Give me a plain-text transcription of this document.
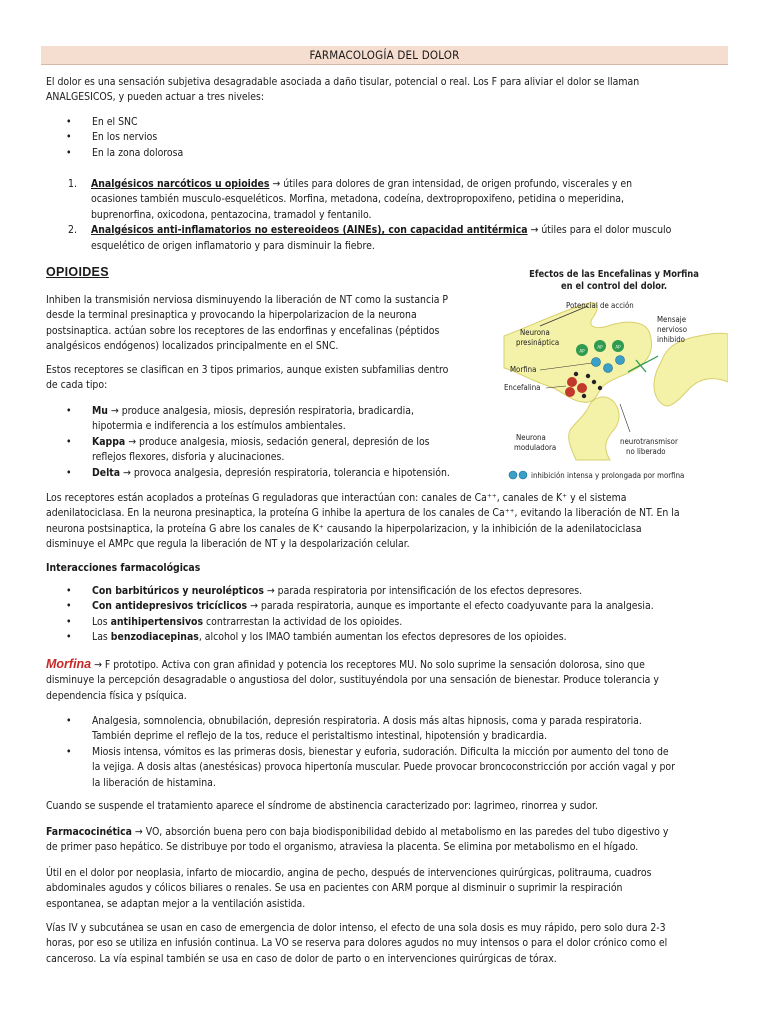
FARMACOLOGÍA DEL DOLOR

El dolor es una sensación subjetiva desagradable asociada a daño tisular, potencial o real. Los F para aliviar el dolor se llaman

ANALGESICOS, y pueden actuar a tres niveles:

• En el SNC
• En los nervios
• En la zona dolorosa
1. Analgésicos narcóticos u opioides → útiles para dolores de gran intensidad, de origen profundo, viscerales y en
ocasiones también musculo-esqueléticos. Morfina, metadona, codeína, dextropropoxifeno, petidina o meperidina,
buprenorfina, oxicodona, pentazocina, tramadol y fentanilo.
2. Analgésicos anti-inflamatorios no estereoideos (AINEs), con capacidad antitérmica → útiles para el dolor musculo
esquelético de origen inflamatorio y para disminuir la fiebre.
OPIOIDES

Inhiben la transmisión nerviosa disminuyendo la liberación de NT como la sustancia P

desde la terminal presinaptica y provocando la hiperpolarizacion de la neurona

postsinaptica. actúan sobre los receptores de las endorfinas y encefalinas (péptidos

analgésicos endógenos) localizados principalmente en el SNC.

Estos receptores se clasifican en 3 tipos primarios, aunque existen subfamilias dentro

de cada tipo:

• Mu → produce analgesia, miosis, depresión respiratoria, bradicardia,
hipotermia e indiferencia a los estímulos ambientales.
• Kappa → produce analgesia, miosis, sedación general, depresión de los
reflejos flexores, disforia y alucinaciones.
• Delta → provoca analgesia, depresión respiratoria, tolerancia e hipotensión.
Efectos de las Encefalinas y Morfina
en el control del dolor.
Potencial de acción
Neurona
presináptica
Mensaje
nervioso
inhibido
AP
AP	AP
Morfina
Encefalina
Neurona
moduladora
neurotransmisor
no liberado
inhibición intensa y prolongada por morfina

Los receptores están acoplados a proteínas G reguladoras que interactúan con: canales de Ca⁺⁺, canales de K⁺ y el sistema

adenilatociclasa. En la neurona presinaptica, la proteína G inhibe la apertura de los canales de Ca⁺⁺, evitando la liberación de NT. En la

neurona postsinaptica, la proteína G abre los canales de K⁺ causando la hiperpolarizacion, y la inhibición de la adenilatociclasa

disminuye el AMPc que regula la liberación de NT y la despolarización celular.

Interacciones farmacológicas
• Con barbitúricos y neurolépticos → parada respiratoria por intensificación de los efectos depresores.
• Con antidepresivos tricíclicos → parada respiratoria, aunque es importante el efecto coadyuvante para la analgesia.
• Los antihipertensivos contrarrestan la actividad de los opioides.
• Las benzodiacepinas, alcohol y los IMAO también aumentan los efectos depresores de los opioides.

Morfina → F prototipo. Activa con gran afinidad y potencia los receptores MU. No solo suprime la sensación dolorosa, sino que

disminuye la percepción desagradable o angustiosa del dolor, sustituyéndola por una sensación de bienestar. Produce tolerancia y

dependencia física y psíquica.

• Analgesia, somnolencia, obnubilación, depresión respiratoria. A dosis más altas hipnosis, coma y parada respiratoria.
También deprime el reflejo de la tos, reduce el peristaltismo intestinal, hipotensión y bradicardia.
• Miosis intensa, vómitos es las primeras dosis, bienestar y euforia, sudoración. Dificulta la micción por aumento del tono de
la vejiga. A dosis altas (anestésicas) provoca hipertonía muscular. Puede provocar broncoconstricción por acción vagal y por
la liberación de histamina.

Cuando se suspende el tratamiento aparece el síndrome de abstinencia caracterizado por: lagrimeo, rinorrea y sudor.

Farmacocinética → VO, absorción buena pero con baja biodisponibilidad debido al metabolismo en las paredes del tubo digestivo y

de primer paso hepático. Se distribuye por todo el organismo, atraviesa la placenta. Se elimina por metabolismo en el hígado.

Útil en el dolor por neoplasia, infarto de miocardio, angina de pecho, después de intervenciones quirúrgicas, politrauma, cuadros

abdominales agudos y cólicos biliares o renales. Se usa en pacientes con ARM porque al disminuir o suprimir la respiración

espontanea, se adaptan mejor a la ventilación asistida.

Vías IV y subcutánea se usan en caso de emergencia de dolor intenso, el efecto de una sola dosis es muy rápido, pero solo dura 2-3

horas, por eso se utiliza en infusión continua. La VO se reserva para dolores agudos no muy intensos o para el dolor crónico como el

canceroso. La vía espinal también se usa en caso de dolor de parto o en intervenciones quirúrgicas de tórax.
